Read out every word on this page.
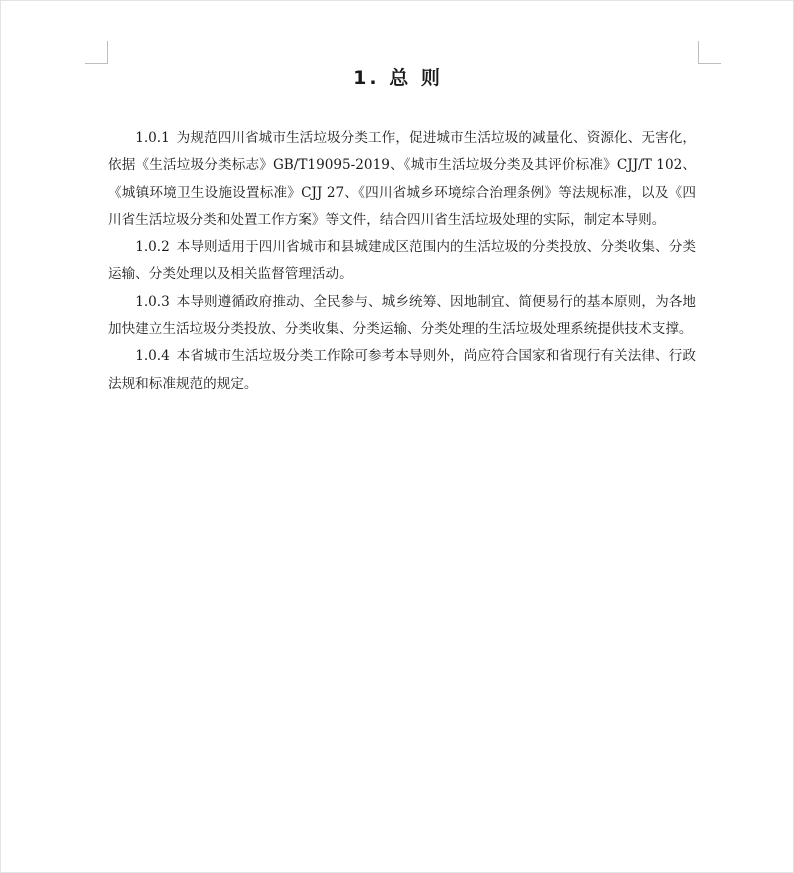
1. 总 则

1.0.1 为规范四川省城市生活垃圾分类工作，促进城市生活垃圾的减量化、资源化、无害化，依据《生活垃圾分类标志》GB/T19095-2019、《城市生活垃圾分类及其评价标准》CJJ/T 102、《城镇环境卫生设施设置标准》CJJ 27、《四川省城乡环境综合治理条例》等法规标准，以及《四川省生活垃圾分类和处置工作方案》等文件，结合四川省生活垃圾处理的实际，制定本导则。

1.0.2 本导则适用于四川省城市和县城建成区范围内的生活垃圾的分类投放、分类收集、分类运输、分类处理以及相关监督管理活动。

1.0.3 本导则遵循政府推动、全民参与、城乡统筹、因地制宜、简便易行的基本原则，为各地加快建立生活垃圾分类投放、分类收集、分类运输、分类处理的生活垃圾处理系统提供技术支撑。

1.0.4 本省城市生活垃圾分类工作除可参考本导则外，尚应符合国家和省现行有关法律、行政法规和标准规范的规定。
